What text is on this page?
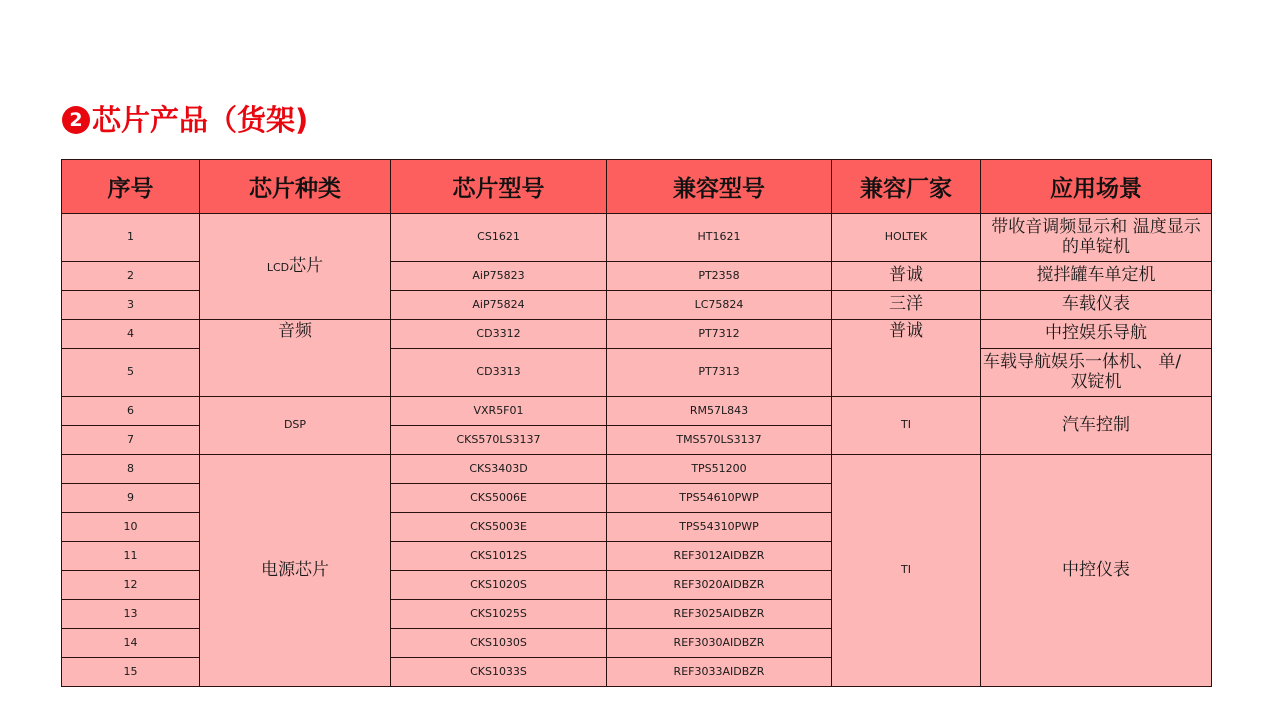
2 芯片产品（货架)
序号	芯片种类	芯片型号	兼容型号	兼容厂家	应用场景
1	LCD芯片	CS1621	HT1621	HOLTEK	带收音调频显示和 温度显示的单锭机
2		AiP75823	PT2358	普诚	搅拌罐车单定机
3		AiP75824	LC75824	三洋	车载仪表
4	音频	CD3312	PT7312	普诚	中控娱乐导航
5		CD3313	PT7313		车载导航娱乐一体机、 单/
双锭机

6	DSP	VXR5F01	RM57L843	TI	汽车控制
7		CKS570LS3137	TMS570LS3137		
8	电源芯片	CKS3403D	TPS51200	TI	中控仪表
9		CKS5006E	TPS54610PWP		
10		CKS5003E	TPS54310PWP		
11		CKS1012S	REF3012AIDBZR		
12		CKS1020S	REF3020AIDBZR		
13		CKS1025S	REF3025AIDBZR		
14		CKS1030S	REF3030AIDBZR		
15		CKS1033S	REF3033AIDBZR		
